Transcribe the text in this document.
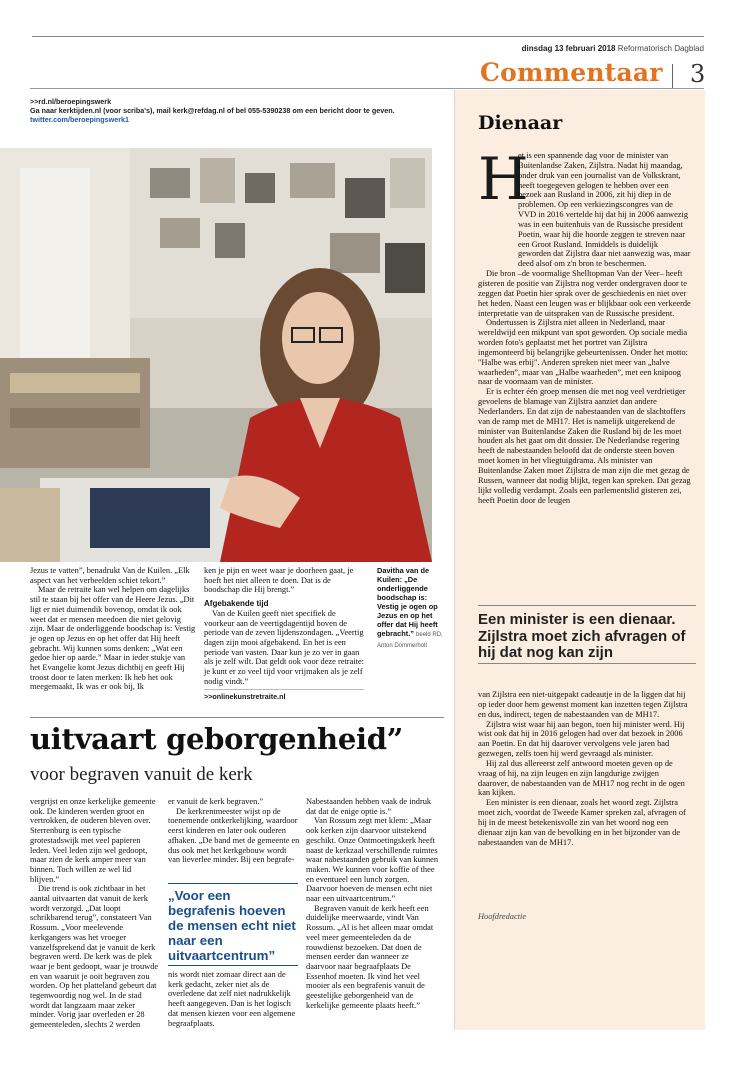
dinsdag 13 februari 2018 Reformatorisch Dagblad
Commentaar 3
>>rd.nl/beroepingswerk
Ga naar kerktijden.nl (voor scriba's), mail kerk@refdag.nl of bel 055-5390238 om een bericht door te geven.
twitter.com/beroepingswerk1

Jezus te vatten”, benadrukt Van de Kuilen. „Elk aspect van het verbeelden schiet tekort.”

Maar de retraite kan wel helpen om dagelijks stil te staan bij het offer van de Heere Jezus. „Dit ligt er niet duimendik bovenop, omdat ik ook weet dat er mensen meedoen die niet gelovig zijn. Maar de onderliggende boodschap is: Vestig je ogen op Jezus en op het offer dat Hij heeft gebracht. Wij kunnen soms denken: „Wat een gedoe hier op aarde.” Maar in ieder stukje van het Evangelie komt Jezus dichtbij en geeft Hij troost door te laten merken: Ik heb het ook meegemaakt, Ik was er ook bij, Ik

ken je pijn en weet waar je doorheen gaat, je hoeft het niet alleen te doen. Dat is de boodschap die Hij brengt.”

Afgebakende tijd

Van de Kuilen geeft niet specifiek de voorkeur aan de veertigdagentijd boven de periode van de zeven lijdenszondagen. „Veertig dagen zijn mooi afgebakend. En het is een periode van vasten. Daar kun je zo ver in gaan als je zelf wilt. Dat geldt ook voor deze retraite: je kunt er zo veel tijd voor vrijmaken als je zelf nodig vindt.”

>>onlinekunstretraite.nl
Davitha van de Kuilen: „De onderliggende boodschap is: Vestig je ogen op Jezus en op het offer dat Hij heeft gebracht.” beeld RD, Anton Dommerholt
uitvaart geborgenheid”
voor begraven vanuit de kerk

vergrijst en onze kerkelijke gemeente ook. De kinderen werden groot en vertrokken, de ouderen bleven over. Sterrenburg is een typische grotestadswijk met veel papieren leden. Veel leden zijn wel gedoopt, maar zien de kerk amper meer van binnen. Toch willen ze wel lid blijven.”

Die trend is ook zichtbaar in het aantal uitvaarten dat vanuit de kerk wordt verzorgd. „Dat loopt schrikbarend terug”, constateert Van Rossum. „Voor meelevende kerkgangers was het vroeger vanzelfsprekend dat je vanuit de kerk begraven werd. De kerk was de plek waar je bent gedoopt, waar je trouwde en van waaruit je ooit begraven zou worden. Op het platteland gebeurt dat tegenwoordig nog wel. In de stad wordt dat langzaam maar zeker minder. Vorig jaar overleden er 28 gemeenteleden, slechts 2 werden

er vanuit de kerk begraven.”

De kerkrentmeester wijst op de toenemende ontkerkelijking, waardoor eerst kinderen en later ook ouderen afhaken. „De band met de gemeente en dus ook met het kerkgebouw wordt van lieverlee minder. Bij een begrafe-

„Voor een begrafenis hoeven de mensen echt niet naar een uitvaartcentrum”

nis wordt niet zomaar direct aan de kerk gedacht, zeker niet als de overledene dat zelf niet nadrukkelijk heeft aangegeven. Dan is het logisch dat mensen kiezen voor een algemene begraafplaats.

Nabestaanden hebben vaak de indruk dat dat de enige optie is.”

Van Rossum zegt met klem: „Maar ook kerken zijn daarvoor uitstekend geschikt. Onze Ontmoetingskerk heeft naast de kerkzaal verschillende ruimtes waar nabestaanden gebruik van kunnen maken. We kunnen voor koffie of thee en eventueel een lunch zorgen. Daarvoor hoeven de mensen echt niet naar een uitvaartcentrum.”

Begraven vanuit de kerk heeft een duidelijke meerwaarde, vindt Van Rossum. „Al is het alleen maar omdat veel meer gemeenteleden da de rouwdienst bezoeken. Dat doen de mensen eerder dan wanneer ze daarvoor naar begraafplaats De Essenhof moeten. Ik vind het veel mooier als een begrafenis vanuit de geestelijke geborgenheid van de kerkelijke gemeente plaats heeft.”

Dienaar
H

et is een spannende dag voor de minister van Buitenlandse Zaken, Zijlstra. Nadat hij maandag, onder druk van een journalist van de Volkskrant, heeft toegegeven gelogen te hebben over een bezoek aan Rusland in 2006, zit hij diep in de problemen. Op een verkiezingscongres van de VVD in 2016 vertelde hij dat hij in 2006 aanwezig was in een buitenhuis van de Russische president Poetin, waar hij die hoorde zeggen te streven naar een Groot Rusland. Inmiddels is duidelijk geworden dat Zijlstra daar niet aanwezig was, maar deed alsof om z'n bron te beschermen.

Die bron –de voormalige Shelltopman Van der Veer– heeft gisteren de positie van Zijlstra nog verder ondergraven door te zeggen dat Poetin hier sprak over de geschiedenis en niet over het heden. Naast een leugen was er blijkbaar ook een verkeerde interpretatie van de uitspraken van de Russische president.

Ondertussen is Zijlstra niet alleen in Nederland, maar wereldwijd een mikpunt van spot geworden. Op sociale media worden foto's geplaatst met het portret van Zijlstra ingemonteerd bij belangrijke gebeurtenissen. Onder het motto: "Halbe was erbij". Anderen spreken niet meer van „halve waarheden”, maar van „Halbe waarheden”, met een knipoog naar de voornaam van de minister.

Er is echter één groep mensen die met nog veel verdrietiger gevoelens de blamage van Zijlstra aanziet dan andere Nederlanders. En dat zijn de nabestaanden van de slachtoffers van de ramp met de MH17. Het is namelijk uitgerekend de minister van Buitenlandse Zaken die Rusland bij de les moet houden als het gaat om dit dossier. De Nederlandse regering heeft de nabestaanden beloofd dat de onderste steen boven moet komen in het vliegtuigdrama. Als minister van Buitenlandse Zaken moet Zijlstra de man zijn die met gezag de Russen, wanneer dat nodig blijkt, tegen kan spreken. Dat gezag lijkt volledig verdampt. Zoals een parlementslid gisteren zei, heeft Poetin door de leugen

Een minister is een dienaar. Zijlstra moet zich afvragen of hij dat nog kan zijn

van Zijlstra een niet-uitgepakt cadeautje in de la liggen dat hij op ieder door hem gewenst moment kan inzetten tegen Zijlstra en dus, indirect, tegen de nabestaanden van de MH17.

Zijlstra wist waar hij aan begon, toen hij minister werd. Hij wist ook dat hij in 2016 gelogen had over dat bezoek in 2006 aan Poetin. En dat hij daarover vervolgens vele jaren had gezwegen, zelfs toen hij werd gevraagd als minister.

Hij zal dus allereerst zelf antwoord moeten geven op de vraag of hij, na zijn leugen en zijn langdurige zwijgen daarover, de nabestaanden van de MH17 nog recht in de ogen kan kijken.

Een minister is een dienaar, zoals het woord zegt. Zijlstra moet zich, voordat de Tweede Kamer spreken zal, afvragen of hij in de meest betekenisvolle zin van het woord nog een dienaar zijn kan van de bevolking en in het bijzonder van de nabestaanden van de MH17.

Hoofdredactie
